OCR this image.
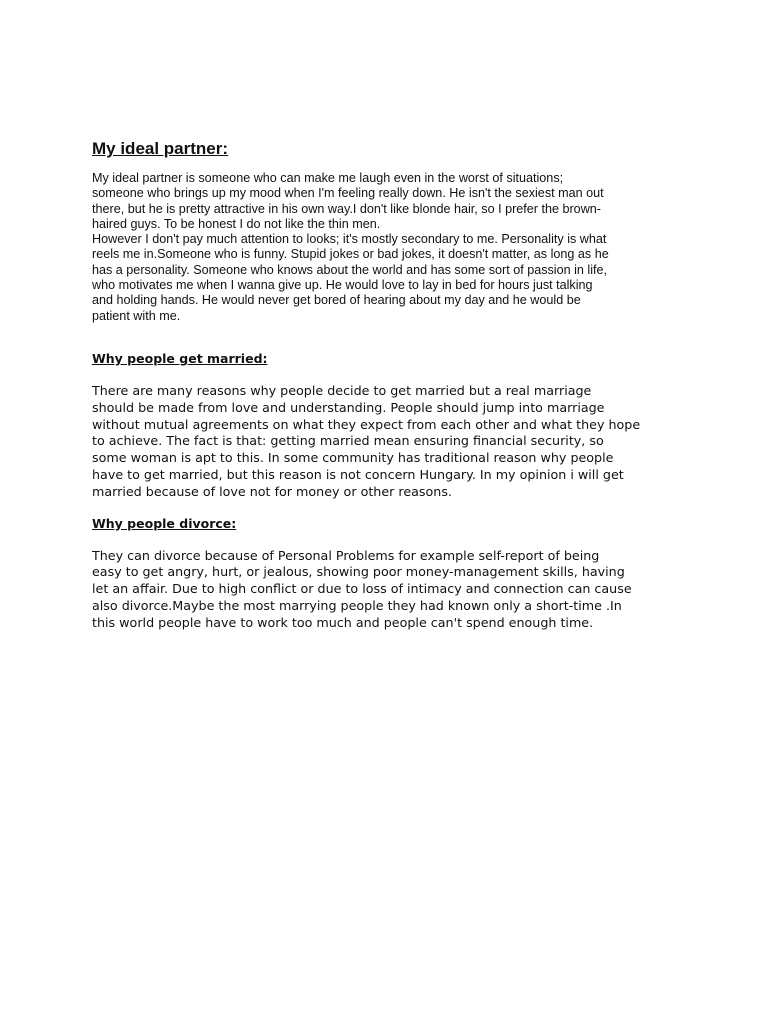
My ideal partner:

My ideal partner is someone who can make me laugh even in the worst of situations;
someone who brings up my mood when I'm feeling really down. He isn't the sexiest man out
there, but he is pretty attractive in his own way.I don't like blonde hair, so I prefer the brown-
haired guys. To be honest I do not like the thin men.
However I don't pay much attention to looks; it's mostly secondary to me. Personality is what
reels me in.Someone who is funny. Stupid jokes or bad jokes, it doesn't matter, as long as he
has a personality. Someone who knows about the world and has some sort of passion in life,
who motivates me when I wanna give up. He would love to lay in bed for hours just talking
and holding hands. He would never get bored of hearing about my day and he would be
patient with me.

Why people get married:

There are many reasons why people decide to get married but a real marriage
should be made from love and understanding. People should jump into marriage
without mutual agreements on what they expect from each other and what they hope
to achieve. The fact is that: getting married mean ensuring financial security, so
some woman is apt to this. In some community has traditional reason why people
have to get married, but this reason is not concern Hungary. In my opinion i will get
married because of love not for money or other reasons.

Why people divorce:

They can divorce because of Personal Problems for example self-report of being
easy to get angry, hurt, or jealous, showing poor money-management skills, having
let an affair. Due to high conflict or due to loss of intimacy and connection can cause
also divorce.Maybe the most marrying people they had known only a short-time .In
this world people have to work too much and people can't spend enough time.
